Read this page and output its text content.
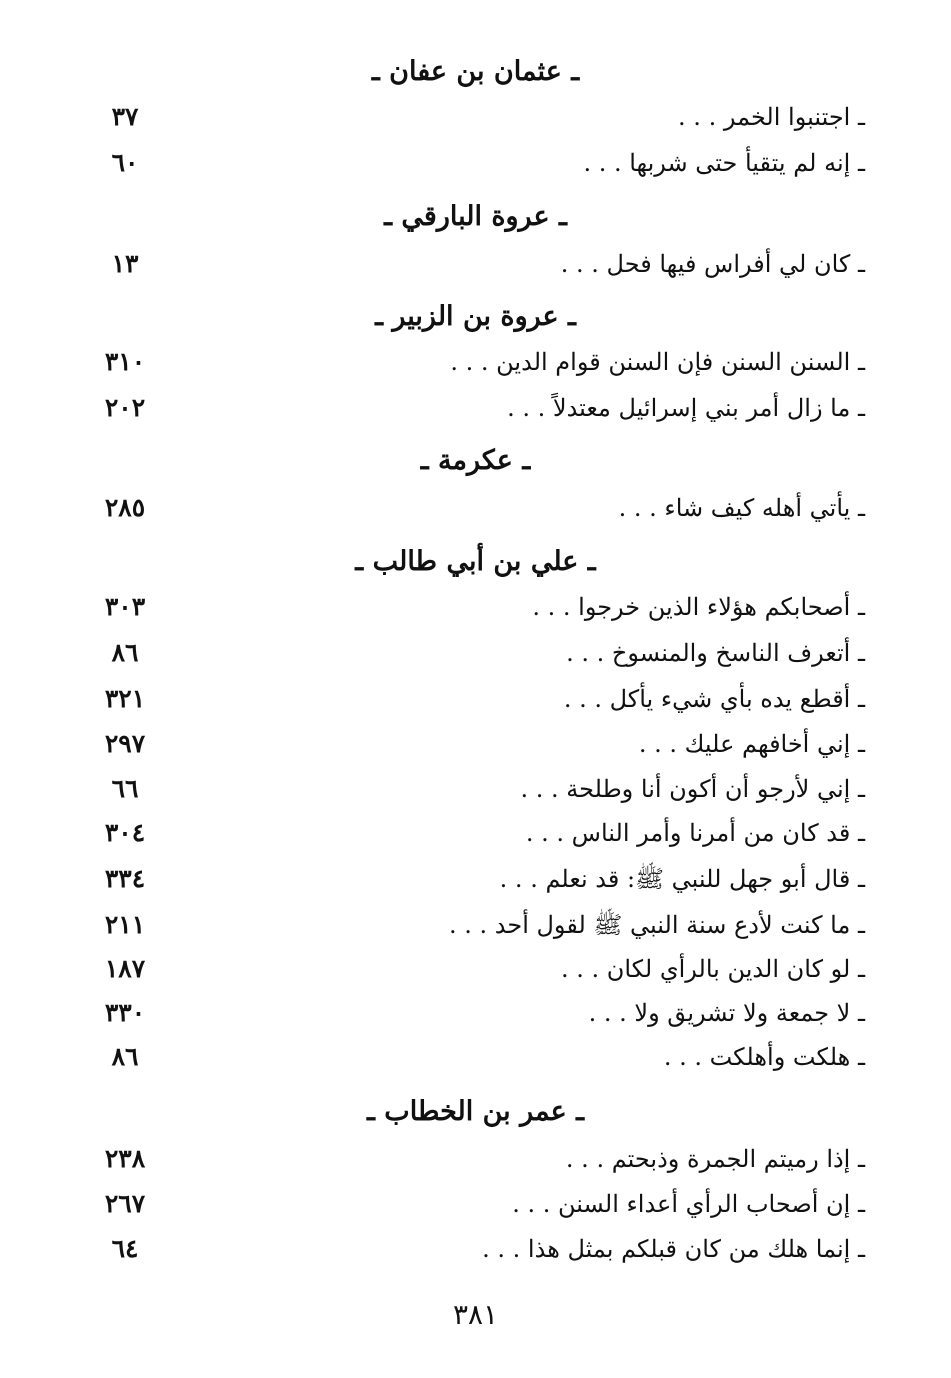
ـ عثمان بن عفان ـ
ـ اجتنبوا الخمر . . .
٣٧
ـ إنه لم يتقيأ حتى شربها . . .
٦٠
ـ عروة البارقي ـ
ـ كان لي أفراس فيها فحل . . .
١٣
ـ عروة بن الزبير ـ
ـ السنن السنن فإن السنن قوام الدين . . .
٣١٠
ـ ما زال أمر بني إسرائيل معتدلاً . . .
٢٠٢
ـ عكرمة ـ
ـ يأتي أهله كيف شاء . . .
٢٨٥
ـ علي بن أبي طالب ـ
ـ أصحابكم هؤلاء الذين خرجوا . . .
٣٠٣
ـ أتعرف الناسخ والمنسوخ . . .
٨٦
ـ أقطع يده بأي شيء يأكل . . .
٣٢١
ـ إني أخافهم عليك . . .
٢٩٧
ـ إني لأرجو أن أكون أنا وطلحة . . .
٦٦
ـ قد كان من أمرنا وأمر الناس . . .
٣٠٤
ـ قال أبو جهل للنبي ﷺ: قد نعلم . . .
٣٣٤
ـ ما كنت لأدع سنة النبي ﷺ لقول أحد . . .
٢١١
ـ لو كان الدين بالرأي لكان . . .
١٨٧
ـ لا جمعة ولا تشريق ولا . . .
٣٣٠
ـ هلكت وأهلكت . . .
٨٦
ـ عمر بن الخطاب ـ
ـ إذا رميتم الجمرة وذبحتم . . .
٢٣٨
ـ إن أصحاب الرأي أعداء السنن . . .
٢٦٧
ـ إنما هلك من كان قبلكم بمثل هذا . . .
٦٤
٣٨١
